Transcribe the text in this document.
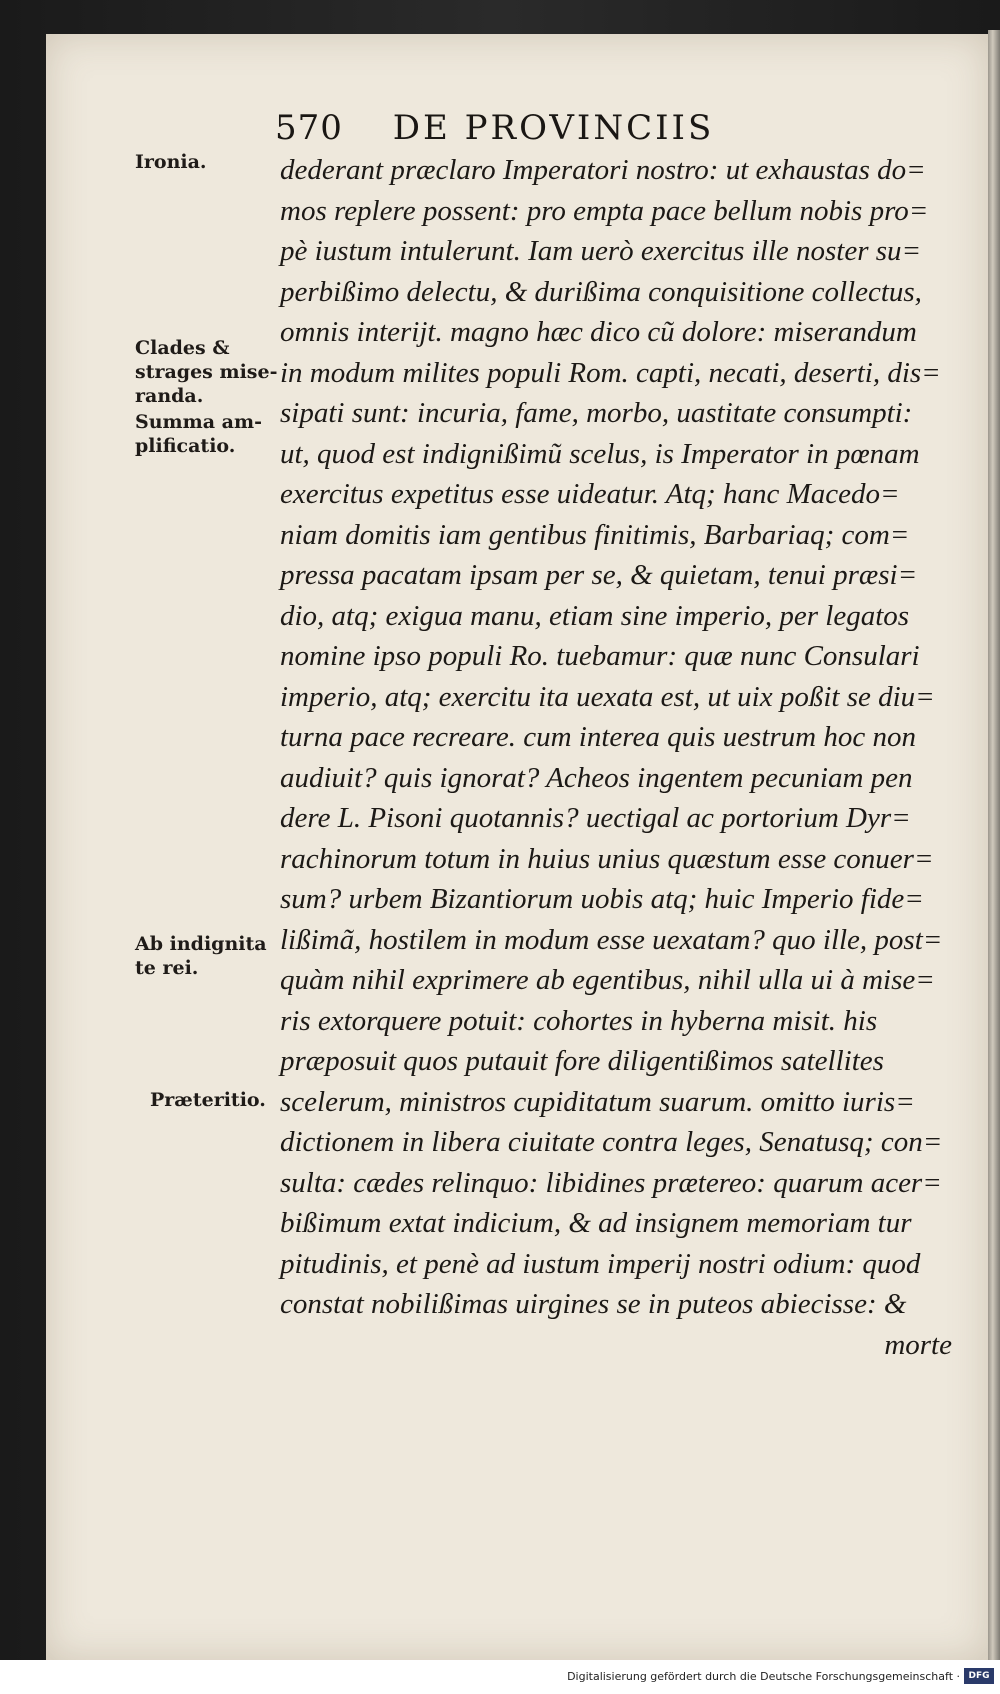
570 DE PROVINCIIS
Ironia.
Clades & strages mise- randa.
Summa am- plificatio.
Ab indignita te rei.
Præteritio.
dederant præclaro Imperatori nostro: ut exhaustas do=
mos replere possent: pro empta pace bellum nobis pro=
pè iustum intulerunt. Iam uerò exercitus ille noster su=
perbißimo delectu, & durißima conquisitione collectus,
omnis interijt. magno hæc dico cũ dolore: miserandum
in modum milites populi Rom. capti, necati, deserti, dis=
sipati sunt: incuria, fame, morbo, uastitate consumpti:
ut, quod est indignißimũ scelus, is Imperator in pœnam
exercitus expetitus esse uideatur. Atq; hanc Macedo=
niam domitis iam gentibus finitimis, Barbariaq; com=
pressa pacatam ipsam per se, & quietam, tenui præsi=
dio, atq; exigua manu, etiam sine imperio, per legatos
nomine ipso populi Ro. tuebamur: quæ nunc Consulari
imperio, atq; exercitu ita uexata est, ut uix poßit se diu=
turna pace recreare. cum interea quis uestrum hoc non
audiuit? quis ignorat? Acheos ingentem pecuniam pen
dere L. Pisoni quotannis? uectigal ac portorium Dyr=
rachinorum totum in huius unius quæstum esse conuer=
sum? urbem Bizantiorum uobis atq; huic Imperio fide=
lißimã, hostilem in modum esse uexatam? quo ille, post=
quàm nihil exprimere ab egentibus, nihil ulla ui à mise=
ris extorquere potuit: cohortes in hyberna misit. his
præposuit quos putauit fore diligentißimos satellites
scelerum, ministros cupiditatum suarum. omitto iuris=
dictionem in libera ciuitate contra leges, Senatusq; con=
sulta: cædes relinquo: libidines prætereo: quarum acer=
bißimum extat indicium, & ad insignem memoriam tur
pitudinis, et penè ad iustum imperij nostri odium: quod
constat nobilißimas uirgines se in puteos abiecisse: &
morte
Digitalisierung gefördert durch die Deutsche Forschungsgemeinschaft · DFG
